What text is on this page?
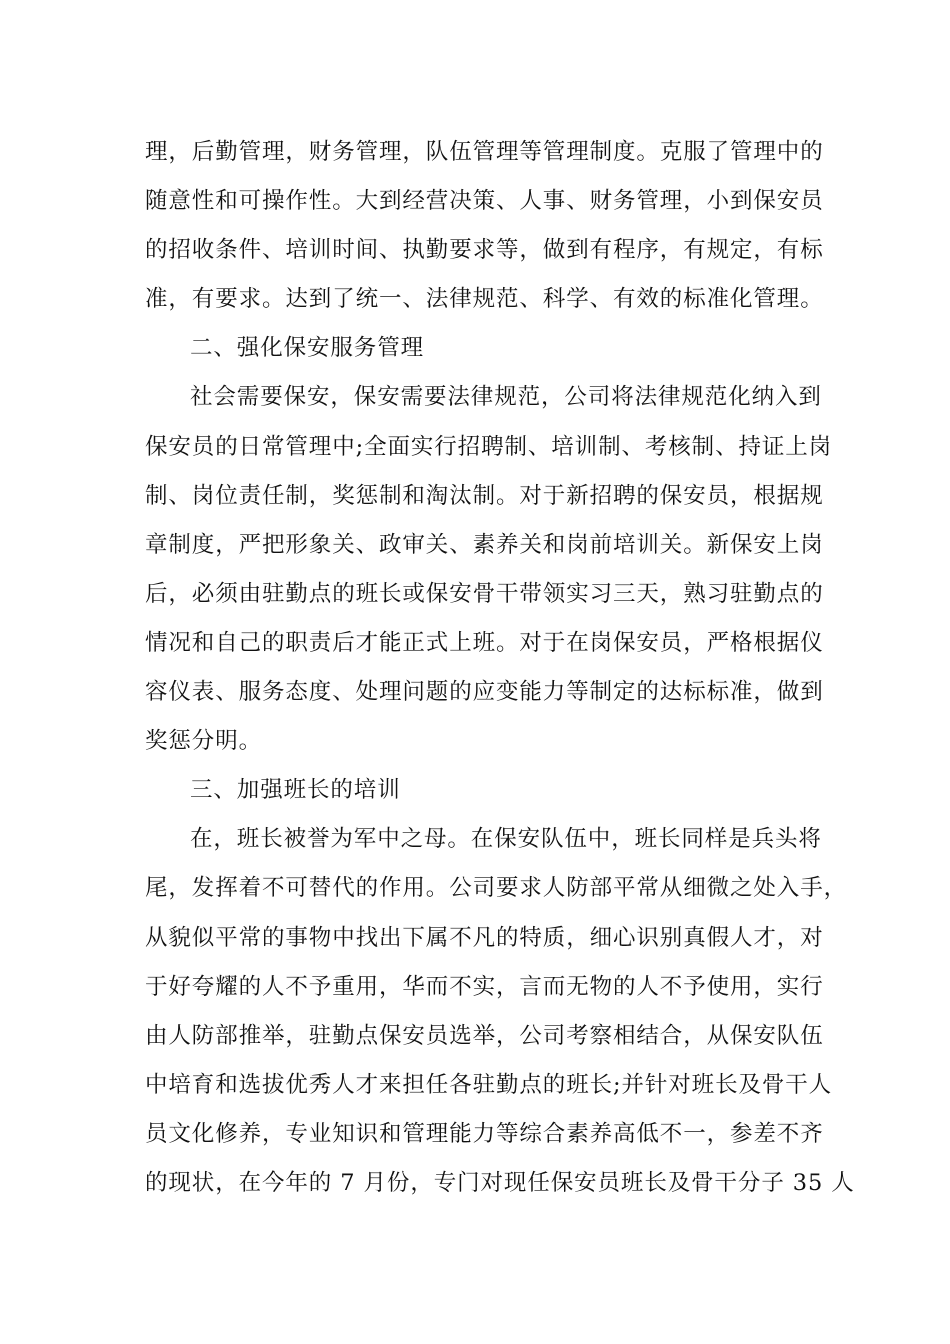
理，后勤管理，财务管理，队伍管理等管理制度。克服了管理中的
随意性和可操作性。大到经营决策、人事、财务管理，小到保安员
的招收条件、培训时间、执勤要求等，做到有程序，有规定，有标
准，有要求。达到了统一、法律规范、科学、有效的标准化管理。
二、强化保安服务管理
社会需要保安，保安需要法律规范，公司将法律规范化纳入到
保安员的日常管理中;全面实行招聘制、培训制、考核制、持证上岗
制、岗位责任制，奖惩制和淘汰制。对于新招聘的保安员，根据规
章制度，严把形象关、政审关、素养关和岗前培训关。新保安上岗
后，必须由驻勤点的班长或保安骨干带领实习三天，熟习驻勤点的
情况和自己的职责后才能正式上班。对于在岗保安员，严格根据仪
容仪表、服务态度、处理问题的应变能力等制定的达标标准，做到
奖惩分明。
三、加强班长的培训
在，班长被誉为军中之母。在保安队伍中，班长同样是兵头将
尾，发挥着不可替代的作用。公司要求人防部平常从细微之处入手，
从貌似平常的事物中找出下属不凡的特质，细心识别真假人才，对
于好夸耀的人不予重用，华而不实，言而无物的人不予使用，实行
由人防部推举，驻勤点保安员选举，公司考察相结合，从保安队伍
中培育和选拔优秀人才来担任各驻勤点的班长;并针对班长及骨干人
员文化修养，专业知识和管理能力等综合素养高低不一，参差不齐
的现状，在今年的 7 月份，专门对现任保安员班长及骨干分子 35 人
